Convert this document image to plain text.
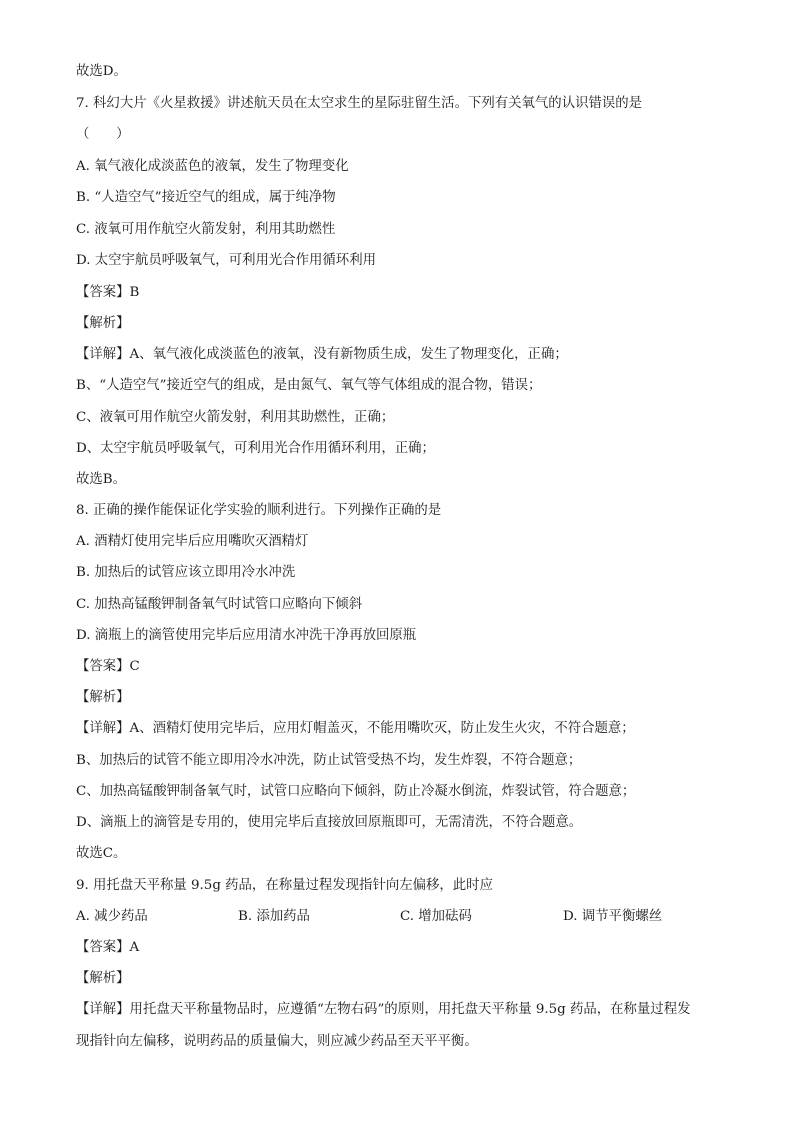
故选D。
7. 科幻大片《火星救援》讲述航天员在太空求生的星际驻留生活。下列有关氧气的认识错误的是
（　　）
A. 氧气液化成淡蓝色的液氧，发生了物理变化
B. “人造空气”接近空气的组成，属于纯净物
C. 液氧可用作航空火箭发射，利用其助燃性
D. 太空宇航员呼吸氧气，可利用光合作用循环利用
【答案】B
【解析】
【详解】A、氧气液化成淡蓝色的液氧，没有新物质生成，发生了物理变化，正确；
B、“人造空气”接近空气的组成，是由氮气、氧气等气体组成的混合物，错误；
C、液氧可用作航空火箭发射，利用其助燃性，正确；
D、太空宇航员呼吸氧气，可利用光合作用循环利用，正确；
故选B。
8. 正确的操作能保证化学实验的顺利进行。下列操作正确的是
A. 酒精灯使用完毕后应用嘴吹灭酒精灯
B. 加热后的试管应该立即用冷水冲洗
C. 加热高锰酸钾制备氧气时试管口应略向下倾斜
D. 滴瓶上的滴管使用完毕后应用清水冲洗干净再放回原瓶
【答案】C
【解析】
【详解】A、酒精灯使用完毕后，应用灯帽盖灭，不能用嘴吹灭，防止发生火灾，不符合题意；
B、加热后的试管不能立即用冷水冲洗，防止试管受热不均，发生炸裂，不符合题意；
C、加热高锰酸钾制备氧气时，试管口应略向下倾斜，防止冷凝水倒流，炸裂试管，符合题意；
D、滴瓶上的滴管是专用的，使用完毕后直接放回原瓶即可，无需清洗，不符合题意。
故选C。
9. 用托盘天平称量 9.5g 药品，在称量过程发现指针向左偏移，此时应
A. 减少药品	B. 添加药品	C. 增加砝码	D. 调节平衡螺丝
【答案】A
【解析】
【详解】用托盘天平称量物品时，应遵循“左物右码”的原则，用托盘天平称量 9.5g 药品，在称量过程发
现指针向左偏移，说明药品的质量偏大，则应减少药品至天平平衡。
